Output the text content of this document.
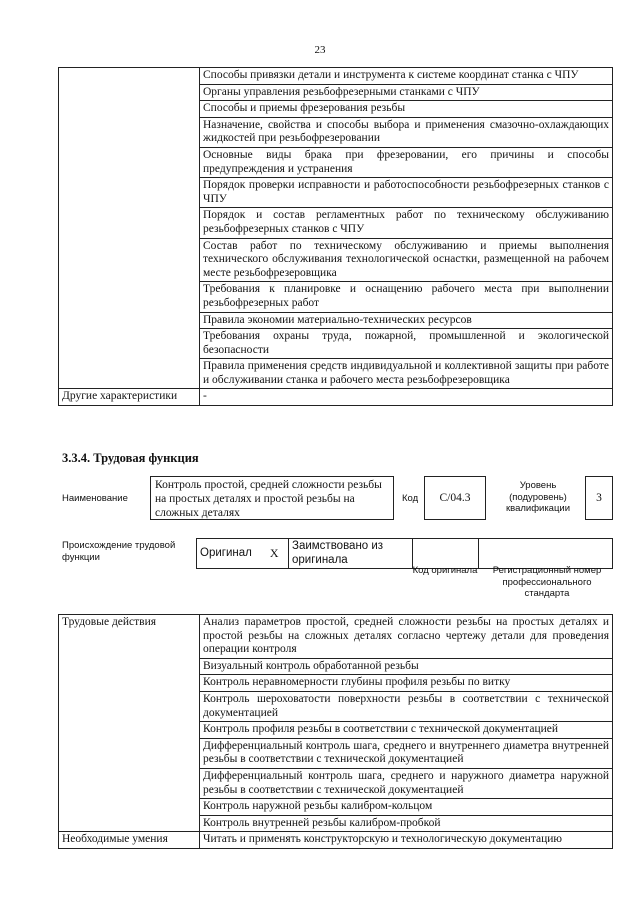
23
	Способы привязки детали и инструмента к системе координат станка с ЧПУ
	Органы управления резьбофрезерными станками с ЧПУ
	Способы и приемы фрезерования резьбы
	Назначение, свойства и способы выбора и применения смазочно-охлаждающих жидкостей при резьбофрезеровании
	Основные виды брака при фрезеровании, его причины и способы предупреждения и устранения
	Порядок проверки исправности и работоспособности резьбофрезерных станков с ЧПУ
	Порядок и состав регламентных работ по техническому обслуживанию резьбофрезерных станков с ЧПУ
	Состав работ по техническому обслуживанию и приемы выполнения технического обслуживания технологической оснастки, размещенной на рабочем месте резьбофрезеровщика
	Требования к планировке и оснащению рабочего места при выполнении резьбофрезерных работ
	Правила экономии материально-технических ресурсов
	Требования охраны труда, пожарной, промышленной и экологической безопасности
	Правила применения средств индивидуальной и коллективной защиты при работе и обслуживании станка и рабочего места резьбофрезеровщика
Другие характеристики	-
3.3.4. Трудовая функция
Наименование
Контроль простой, средней сложности резьбы на простых деталях и простой резьбы на сложных деталях
Код	C/04.3
Уровень (подуровень) квалификации
3
Происхождение трудовой функции	Оригинал	X	Заимствовано из оригинала		
Код оригинала	Регистрационный номер профессионального стандарта
Трудовые действия	Анализ параметров простой, средней сложности резьбы на простых деталях и простой резьбы на сложных деталях согласно чертежу детали для проведения операции контроля
	Визуальный контроль обработанной резьбы
	Контроль неравномерности глубины профиля резьбы по витку
	Контроль шероховатости поверхности резьбы в соответствии с технической документацией
	Контроль профиля резьбы в соответствии с технической документацией
	Дифференциальный контроль шага, среднего и внутреннего диаметра внутренней резьбы в соответствии с технической документацией
	Дифференциальный контроль шага, среднего и наружного диаметра наружной резьбы в соответствии с технической документацией
	Контроль наружной резьбы калибром-кольцом
	Контроль внутренней резьбы калибром-пробкой
Необходимые умения	Читать и применять конструкторскую и технологическую документацию
